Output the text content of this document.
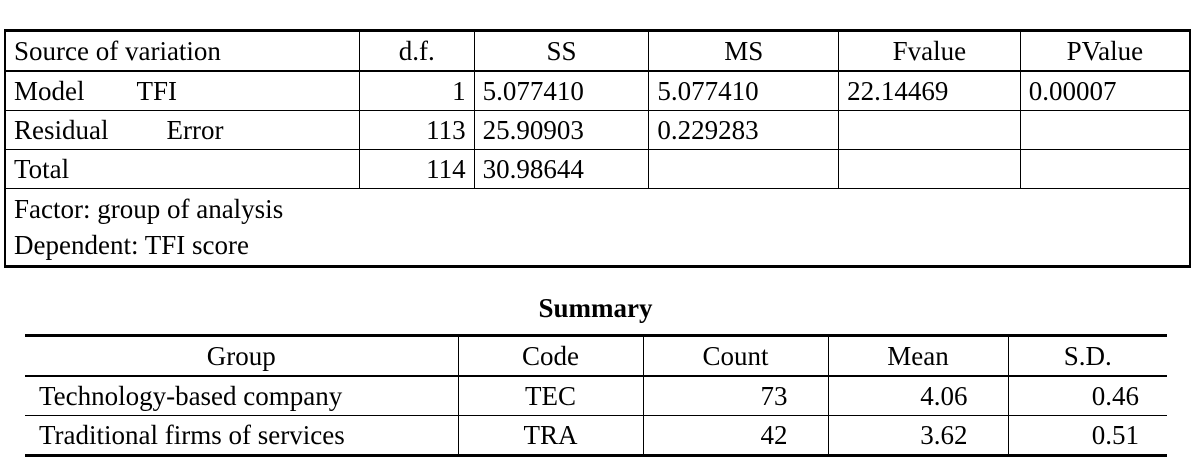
Source of variation	d.f.	SS	MS	Fvalue	PValue
Model TFI	1	5.077410	5.077410	22.14469	0.00007
Residual Error	113	25.90903	0.229283		
Total	114	30.98644			

Factor: group of analysis
Dependent: TFI score					
Summary
Group	Code	Count	Mean	S.D.
Technology-based company	TEC	73	4.06	0.46
Traditional firms of services	TRA	42	3.62	0.51
